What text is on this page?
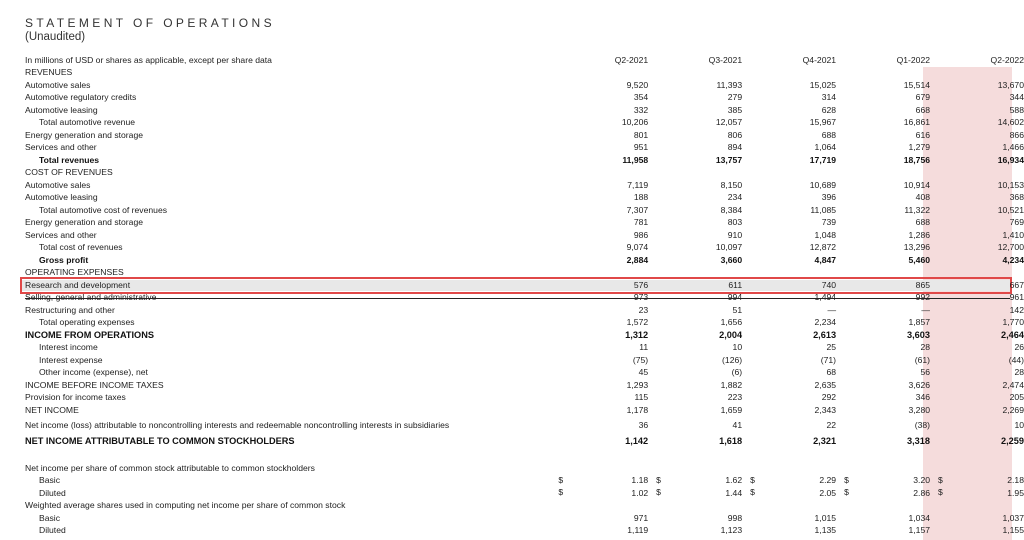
STATEMENT OF OPERATIONS
(Unaudited)
In millions of USD or shares as applicable, except per share data	Q2-2021	Q3-2021	Q4-2021	Q1-2022	Q2-2022
REVENUES					
Automotive sales	9,520	11,393	15,025	15,514	13,670
Automotive regulatory credits	354	279	314	679	344
Automotive leasing	332	385	628	668	588
Total automotive revenue	10,206	12,057	15,967	16,861	14,602
Energy generation and storage	801	806	688	616	866
Services and other	951	894	1,064	1,279	1,466
Total revenues	11,958	13,757	17,719	18,756	16,934
COST OF REVENUES					
Automotive sales	7,119	8,150	10,689	10,914	10,153
Automotive leasing	188	234	396	408	368
Total automotive cost of revenues	7,307	8,384	11,085	11,322	10,521
Energy generation and storage	781	803	739	688	769
Services and other	986	910	1,048	1,286	1,410
Total cost of revenues	9,074	10,097	12,872	13,296	12,700
Gross profit	2,884	3,660	4,847	5,460	4,234
OPERATING EXPENSES					
Research and development	576	611	740	865	667
Selling, general and administrative	973	994	1,494	992	961
Restructuring and other	23	51	—	—	142
Total operating expenses	1,572	1,656	2,234	1,857	1,770
INCOME FROM OPERATIONS	1,312	2,004	2,613	3,603	2,464
Interest income	11	10	25	28	26
Interest expense	(75)	(126)	(71)	(61)	(44)
Other income (expense), net	45	(6)	68	56	28
INCOME BEFORE INCOME TAXES	1,293	1,882	2,635	3,626	2,474
Provision for income taxes	115	223	292	346	205
NET INCOME	1,178	1,659	2,343	3,280	2,269
Net income (loss) attributable to noncontrolling interests and redeemable noncontrolling interests in subsidiaries	36	41	22	(38)	10
NET INCOME ATTRIBUTABLE TO COMMON STOCKHOLDERS	1,142	1,618	2,321	3,318	2,259

Net income per share of common stock attributable to common stockholders					
Basic	$ 1.18	$ 1.62	$ 2.29	$ 3.20	$ 2.18
Diluted	$ 1.02	$ 1.44	$ 2.05	$ 2.86	$ 1.95
Weighted average shares used in computing net income per share of common stock					
Basic	971	998	1,015	1,034	1,037
Diluted	1,119	1,123	1,135	1,157	1,155
